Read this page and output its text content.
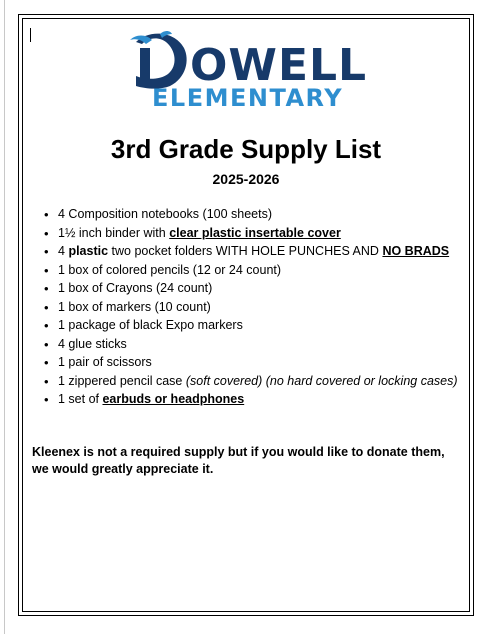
OWELL
ELEMENTARY
3rd Grade Supply List
2025-2026
• 4 Composition notebooks (100 sheets)
• 1½ inch binder with clear plastic insertable cover
• 4 plastic two pocket folders WITH HOLE PUNCHES AND NO BRADS
• 1 box of colored pencils (12 or 24 count)
• 1 box of Crayons (24 count)
• 1 box of markers (10 count)
• 1 package of black Expo markers
• 4 glue sticks
• 1 pair of scissors
• 1 zippered pencil case (soft covered) (no hard covered or locking cases)
• 1 set of earbuds or headphones
Kleenex is not a required supply but if you would like to donate them, we would greatly appreciate it.
